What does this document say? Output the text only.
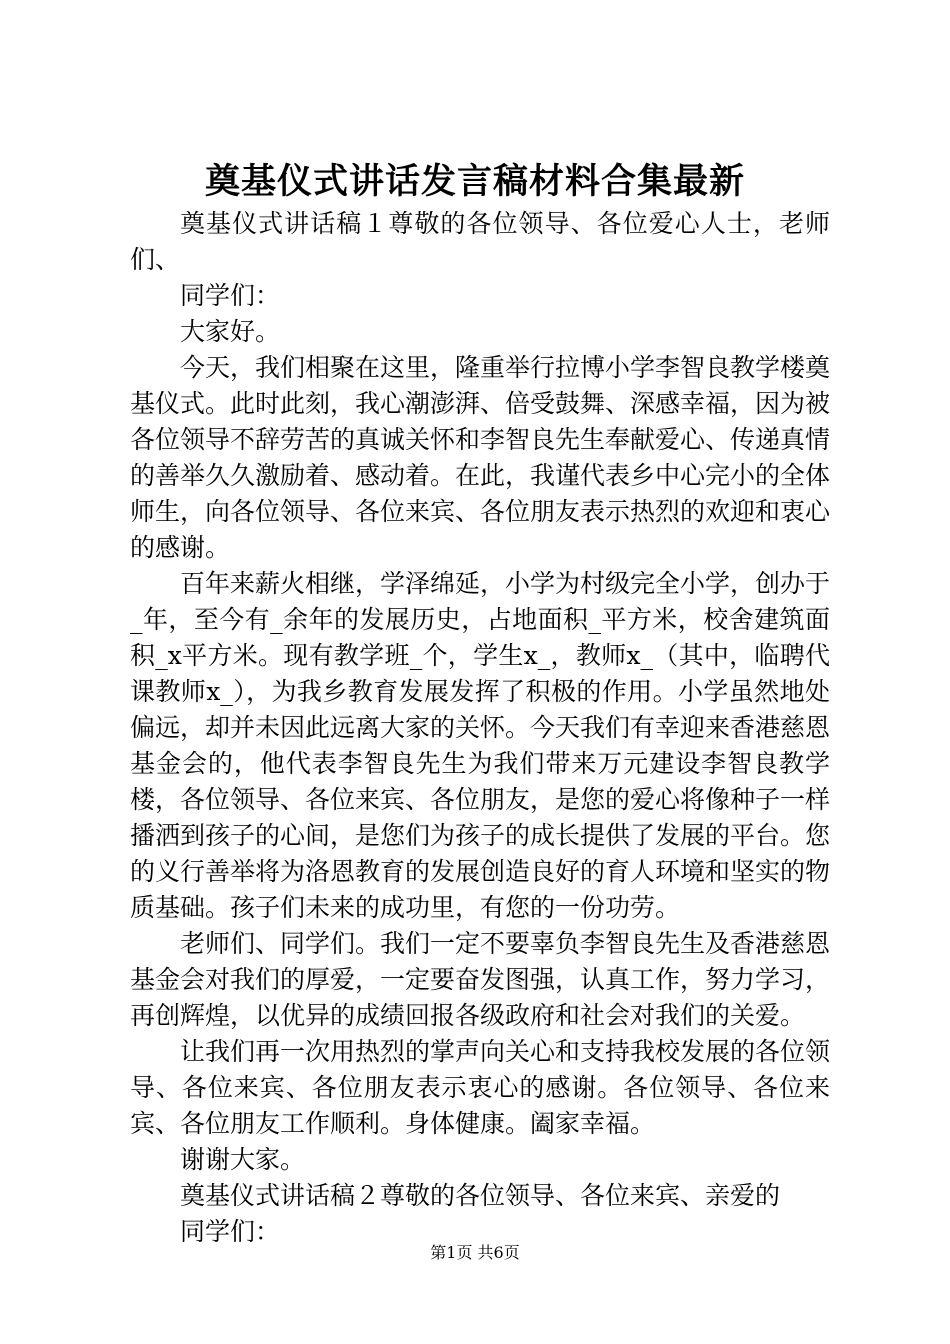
奠基仪式讲话发言稿材料合集最新

奠基仪式讲话稿１尊敬的各位领导、各位爱心人士，老师们、

同学们：

大家好。

今天，我们相聚在这里，隆重举行拉博小学李智良教学楼奠基仪式。此时此刻，我心潮澎湃、倍受鼓舞、深感幸福，因为被各位领导不辞劳苦的真诚关怀和李智良先生奉献爱心、传递真情的善举久久激励着、感动着。在此，我谨代表乡中心完小的全体师生，向各位领导、各位来宾、各位朋友表示热烈的欢迎和衷心的感谢。

百年来薪火相继，学泽绵延，小学为村级完全小学，创办于_年，至今有_余年的发展历史，占地面积_平方米，校舍建筑面积_x平方米。现有教学班_个，学生x_，教师x_（其中，临聘代课教师x_），为我乡教育发展发挥了积极的作用。小学虽然地处偏远，却并未因此远离大家的关怀。今天我们有幸迎来香港慈恩基金会的，他代表李智良先生为我们带来万元建设李智良教学楼，各位领导、各位来宾、各位朋友，是您的爱心将像种子一样播洒到孩子的心间，是您们为孩子的成长提供了发展的平台。您的义行善举将为洛恩教育的发展创造良好的育人环境和坚实的物质基础。孩子们未来的成功里，有您的一份功劳。

老师们、同学们。我们一定不要辜负李智良先生及香港慈恩基金会对我们的厚爱，一定要奋发图强，认真工作，努力学习，再创辉煌，以优异的成绩回报各级政府和社会对我们的关爱。

让我们再一次用热烈的掌声向关心和支持我校发展的各位领导、各位来宾、各位朋友表示衷心的感谢。各位领导、各位来宾、各位朋友工作顺利。身体健康。阖家幸福。

谢谢大家。

奠基仪式讲话稿２尊敬的各位领导、各位来宾、亲爱的

同学们：

第1页 共6页
